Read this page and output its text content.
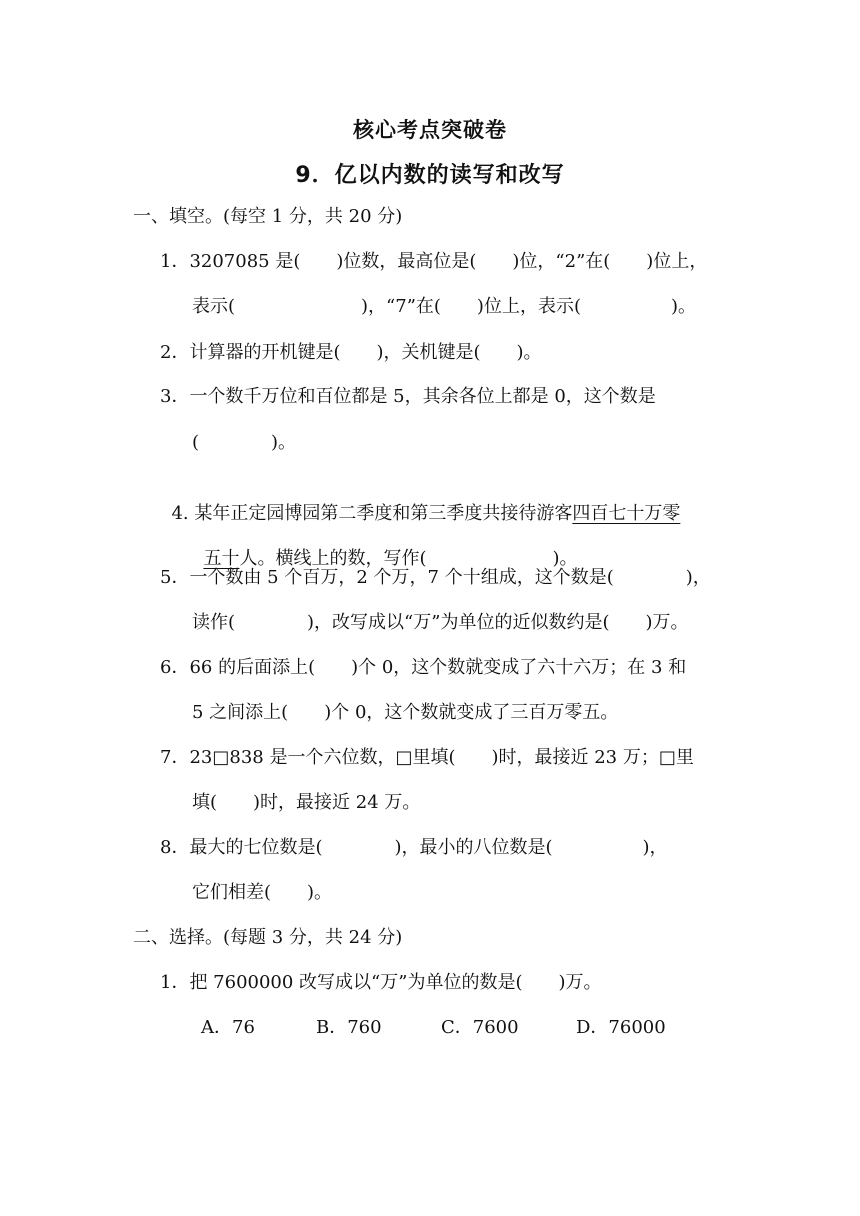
核心考点突破卷
9．亿以内数的读写和改写
一、填空。(每空 1 分，共 20 分)
1．3207085 是(　　)位数，最高位是(　　)位，“2”在(　　)位上，
表示(　　　　　　　)，“7”在(　　)位上，表示(　　　　　)。
2．计算器的开机键是(　　)，关机键是(　　)。
3．一个数千万位和百位都是 5，其余各位上都是 0，这个数是
(　　　　)。

4. 某年正定园博园第二季度和第三季度共接待游客四百七十万零

五十人。横线上的数，写作(　　　　　　　)。

5．一个数由 5 个百万，2 个万，7 个十组成，这个数是(　　　　)，
读作(　　　　)，改写成以“万”为单位的近似数约是(　　)万。
6．66 的后面添上(　　)个 0，这个数就变成了六十六万；在 3 和
5 之间添上(　　)个 0，这个数就变成了三百万零五。
7．23□838 是一个六位数，□里填(　　)时，最接近 23 万；□里
填(　　)时，最接近 24 万。
8．最大的七位数是(　　　　)，最小的八位数是(　　　　　)，
它们相差(　　)。
二、选择。(每题 3 分，共 24 分)
1．把 7600000 改写成以“万”为单位的数是(　　)万。
A．76	B．760	C．7600	D．76000
